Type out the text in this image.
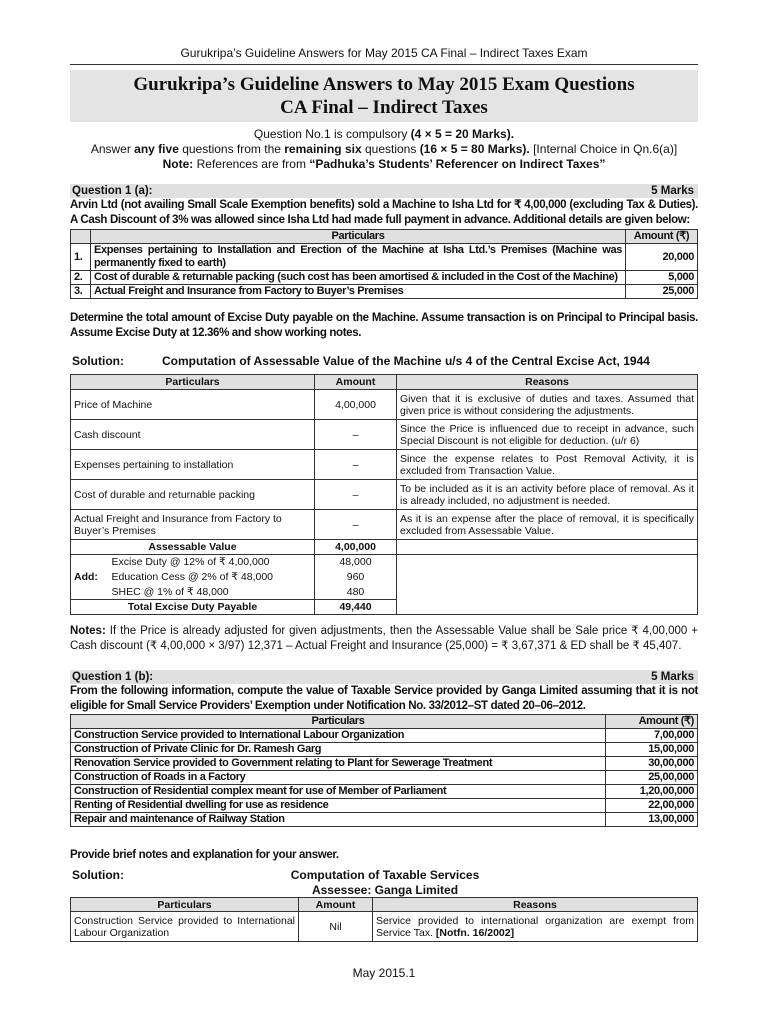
Gurukripa’s Guideline Answers for May 2015 CA Final – Indirect Taxes Exam
Gurukripa’s Guideline Answers to May 2015 Exam Questions
CA Final – Indirect Taxes
Question No.1 is compulsory (4 × 5 = 20 Marks).
Answer any five questions from the remaining six questions (16 × 5 = 80 Marks). [Internal Choice in Qn.6(a)]
Note: References are from “Padhuka’s Students’ Referencer on Indirect Taxes”
Question 1 (a):	5 Marks
Arvin Ltd (not availing Small Scale Exemption benefits) sold a Machine to Isha Ltd for ₹ 4,00,000 (excluding Tax & Duties). A Cash Discount of 3% was allowed since Isha Ltd had made full payment in advance. Additional details are given below:
	Particulars	Amount (₹)
1.	Expenses pertaining to Installation and Erection of the Machine at Isha Ltd.’s Premises (Machine was permanently fixed to earth)	20,000
2.	Cost of durable & returnable packing (such cost has been amortised & included in the Cost of the Machine)	5,000
3.	Actual Freight and Insurance from Factory to Buyer’s Premises	25,000
Determine the total amount of Excise Duty payable on the Machine. Assume transaction is on Principal to Principal basis. Assume Excise Duty at 12.36% and show working notes.
Solution:	Computation of Assessable Value of the Machine u/s 4 of the Central Excise Act, 1944
Particulars		Amount	Reasons
Price of Machine		4,00,000	Given that it is exclusive of duties and taxes. Assumed that given price is without considering the adjustments.
Cash discount		–	Since the Price is influenced due to receipt in advance, such Special Discount is not eligible for deduction. (u/r 6)
Expenses pertaining to installation		–	Since the expense relates to Post Removal Activity, it is excluded from Transaction Value.
Cost of durable and returnable packing		–	To be included as it is an activity before place of removal. As it is already included, no adjustment is needed.
Actual Freight and Insurance from Factory to Buyer’s Premises		–	As it is an expense after the place of removal, it is specifically excluded from Assessable Value.
Assessable Value		4,00,000	
Add:	Excise Duty @ 12% of ₹ 4,00,000	48,000	
	Education Cess @ 2% of ₹ 48,000	960	
	SHEC @ 1% of ₹ 48,000	480	
Total Excise Duty Payable		49,440	
Notes: If the Price is already adjusted for given adjustments, then the Assessable Value shall be Sale price ₹ 4,00,000 + Cash discount (₹ 4,00,000 × 3/97) 12,371 – Actual Freight and Insurance (25,000) = ₹ 3,67,371 & ED shall be ₹ 45,407.
Question 1 (b):	5 Marks
From the following information, compute the value of Taxable Service provided by Ganga Limited assuming that it is not eligible for Small Service Providers’ Exemption under Notification No. 33/2012–ST dated 20–06–2012.
Particulars	Amount (₹)
Construction Service provided to International Labour Organization	7,00,000
Construction of Private Clinic for Dr. Ramesh Garg	15,00,000
Renovation Service provided to Government relating to Plant for Sewerage Treatment	30,00,000
Construction of Roads in a Factory	25,00,000
Construction of Residential complex meant for use of Member of Parliament	1,20,00,000
Renting of Residential dwelling for use as residence	22,00,000
Repair and maintenance of Railway Station	13,00,000
Provide brief notes and explanation for your answer.
Solution:	Computation of Taxable Services
Assessee: Ganga Limited
Particulars	Amount	Reasons
Construction Service provided to International Labour Organization	Nil	Service provided to international organization are exempt from Service Tax. [Notfn. 16/2002]
May 2015.1
